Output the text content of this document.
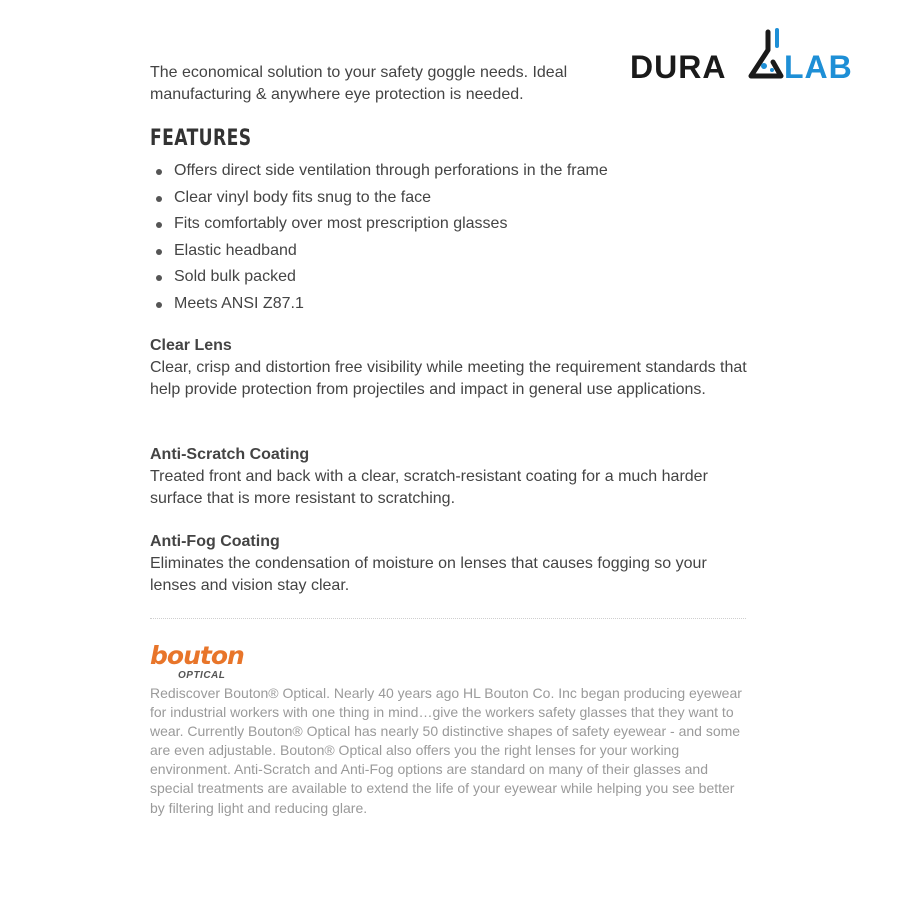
The economical solution to your safety goggle needs. Ideal manufacturing & anywhere eye protection is needed.

DURA LAB
FEATURES
Offers direct side ventilation through perforations in the frame
Clear vinyl body fits snug to the face
Fits comfortably over most prescription glasses
Elastic headband
Sold bulk packed
Meets ANSI Z87.1
Clear Lens

Clear, crisp and distortion free visibility while meeting the requirement standards that help provide protection from projectiles and impact in general use applications.

Anti-Scratch Coating

Treated front and back with a clear, scratch-resistant coating for a much harder surface that is more resistant to scratching.

Anti-Fog Coating

Eliminates the condensation of moisture on lenses that causes fogging so your lenses and vision stay clear.

bouton
OPTICAL

Rediscover Bouton® Optical. Nearly 40 years ago HL Bouton Co. Inc began producing eyewear for industrial workers with one thing in mind…give the workers safety glasses that they want to wear. Currently Bouton® Optical has nearly 50 distinctive shapes of safety eyewear - and some are even adjustable. Bouton® Optical also offers you the right lenses for your working environment. Anti-Scratch and Anti-Fog options are standard on many of their glasses and special treatments are available to extend the life of your eyewear while helping you see better by filtering light and reducing glare.
